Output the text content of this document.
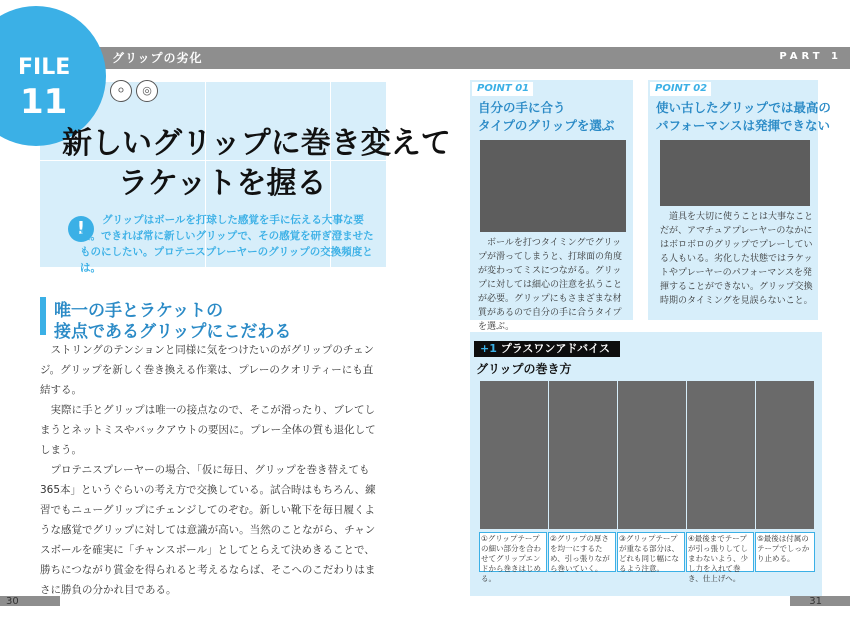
グリップの劣化	PART 1
FILE
11	⚪	◎
新しいグリップに巻き変えて
ラケットを握る
!	グリップはボールを打球した感覚を手に伝える大事な要素。できれば常に新しいグリップで、その感覚を研ぎ澄ませたものにしたい。プロテニスプレーヤーのグリップの交換頻度とは。
唯一の手とラケットの
接点であるグリップにこだわる
ストリングのテンションと同様に気をつけたいのがグリップのチェンジ。グリップを新しく巻き換える作業は、プレーのクオリティーにも直結する。
実際に手とグリップは唯一の接点なので、そこが滑ったり、ブレてしまうとネットミスやバックアウトの要因に。プレー全体の質も退化してしまう。
プロテニスプレーヤーの場合、「仮に毎日、グリップを巻き替えても365本」というぐらいの考え方で交換している。試合時はもちろん、練習でもニューグリップにチェンジしてのぞむ。新しい靴下を毎日履くような感覚でグリップに対しては意識が高い。当然のことながら、チャンスボールを確実に「チャンスボール」としてとらえて決めきることで、勝ちにつながり賞金を得られると考えるならば、そこへのこだわりはまさに勝負の分かれ目である。
30	31
POINT 01
自分の手に合う
タイプのグリップを選ぶ
ボールを打つタイミングでグリップが滑ってしまうと、打球面の角度が変わってミスにつながる。グリップに対しては細心の注意を払うことが必要。グリップにもさまざまな材質があるので自分の手に合うタイプを選ぶ。
POINT 02
使い古したグリップでは最高の
パフォーマンスは発揮できない
道具を大切に使うことは大事なことだが、アマチュアプレーヤーのなかにはボロボロのグリップでプレーしている人もいる。劣化した状態ではラケットやプレーヤーのパフォーマンスを発揮することができない。グリップ交換時期のタイミングを見誤らないこと。
+1 プラスワンアドバイス
グリップの巻き方
①グリップテープの細い部分を合わせてグリップエンドから巻きはじめる。
②グリップの厚さを均一にするため、引っ張りながら巻いていく。
③グリップテープが重なる部分は、どれも同じ幅になるよう注意。
④最後までテープが引っ張りしてしまわないよう、少し力を入れて巻き、仕上げへ。
⑤最後は付属のテープでしっかり止める。
